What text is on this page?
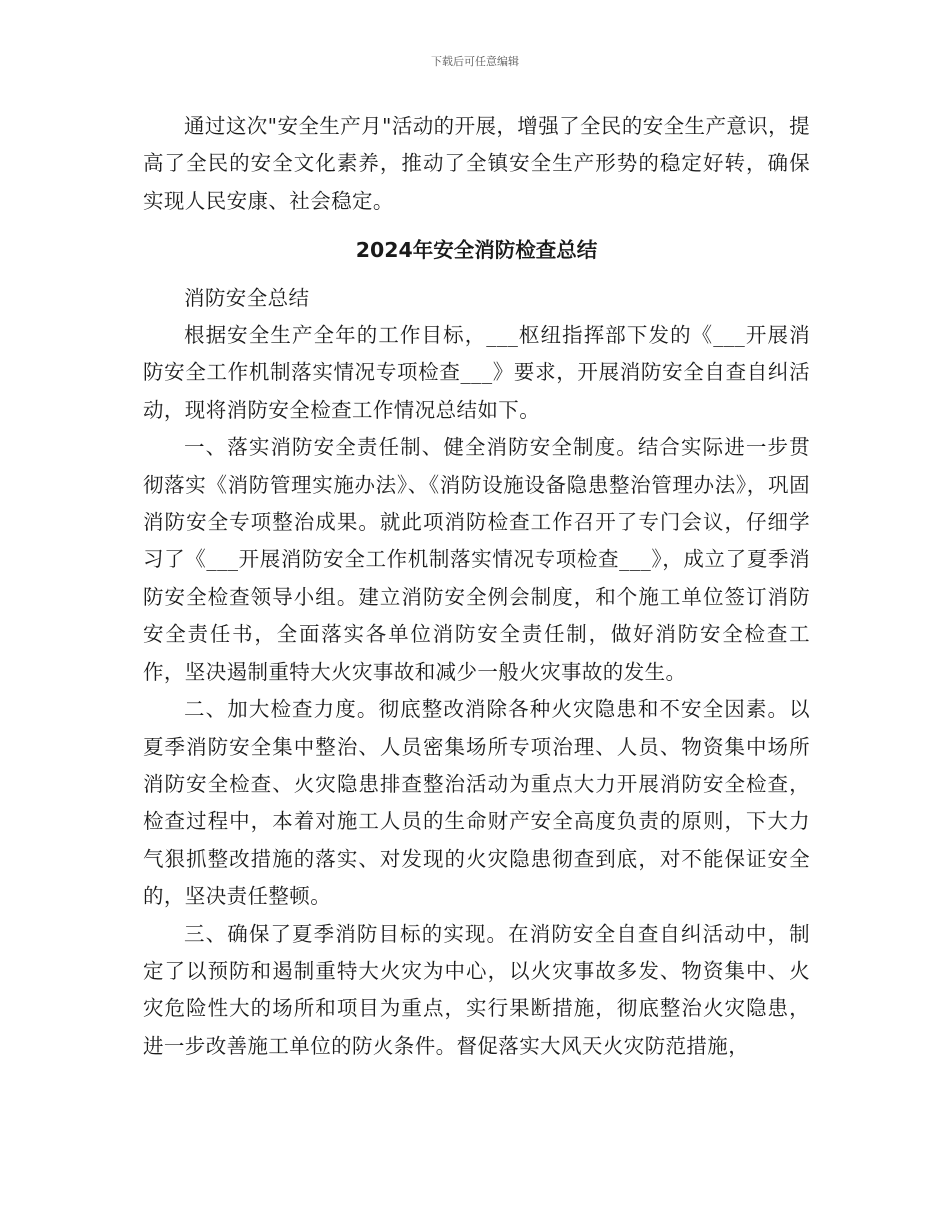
下载后可任意编辑

通过这次"安全生产月"活动的开展，增强了全民的安全生产意识，提高了全民的安全文化素养，推动了全镇安全生产形势的稳定好转，确保实现人民安康、社会稳定。

2024年安全消防检查总结

消防安全总结

根据安全生产全年的工作目标，___枢纽指挥部下发的《___开展消防安全工作机制落实情况专项检查___》要求，开展消防安全自查自纠活动，现将消防安全检查工作情况总结如下。

一、落实消防安全责任制、健全消防安全制度。结合实际进一步贯彻落实《消防管理实施办法》、《消防设施设备隐患整治管理办法》，巩固消防安全专项整治成果。就此项消防检查工作召开了专门会议，仔细学习了《___开展消防安全工作机制落实情况专项检查___》，成立了夏季消防安全检查领导小组。建立消防安全例会制度，和个施工单位签订消防安全责任书，全面落实各单位消防安全责任制，做好消防安全检查工作，坚决遏制重特大火灾事故和减少一般火灾事故的发生。

二、加大检查力度。彻底整改消除各种火灾隐患和不安全因素。以夏季消防安全集中整治、人员密集场所专项治理、人员、物资集中场所消防安全检查、火灾隐患排查整治活动为重点大力开展消防安全检查，检查过程中，本着对施工人员的生命财产安全高度负责的原则，下大力气狠抓整改措施的落实、对发现的火灾隐患彻查到底，对不能保证安全的，坚决责任整顿。

三、确保了夏季消防目标的实现。在消防安全自查自纠活动中，制定了以预防和遏制重特大火灾为中心，以火灾事故多发、物资集中、火灾危险性大的场所和项目为重点，实行果断措施，彻底整治火灾隐患，进一步改善施工单位的防火条件。督促落实大风天火灾防范措施，
